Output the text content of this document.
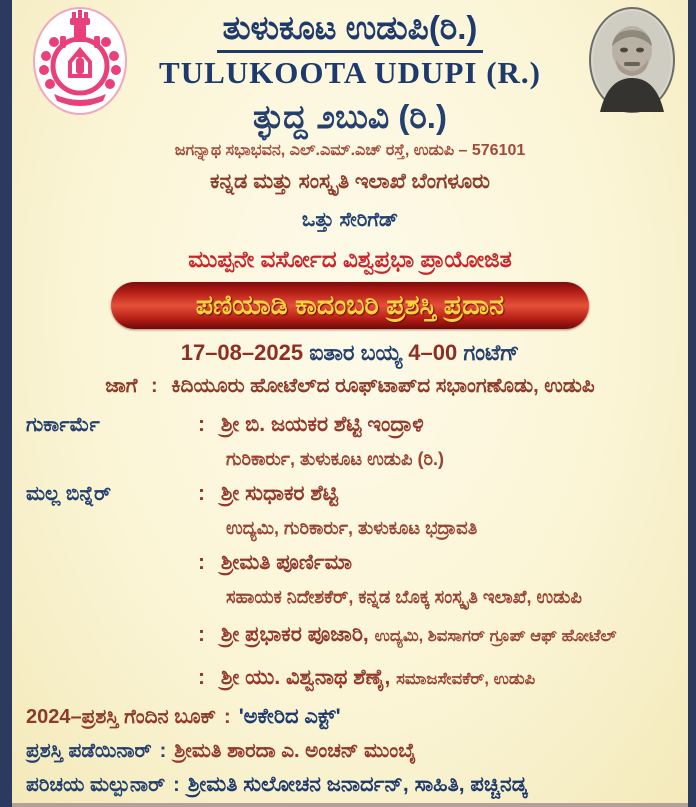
ತುಳುಕೂಟ ಉಡುಪಿ(ರಿ.)
TULUKOOTA UDUPI (R.)
ತ್ಳುದ್ದ ೨ಬುವಿ (ರಿ.)
ಜಗನ್ನಾಥ ಸಭಾಭವನ, ಎಲ್.ಎಮ್.ಎಚ್ ರಸ್ತೆ, ಉಡುಪಿ – 576101
ಕನ್ನಡ ಮತ್ತು ಸಂಸ್ಕೃತಿ ಇಲಾಖೆ ಬೆಂಗಳೂರು
ಒತ್ತು ಸೇರಿಗೆಡ್
ಮುಪ್ಪನೇ ವರ್ಸೋದ ವಿಶ್ವಪ್ರಭಾ ಪ್ರಾಯೋಜಿತ
ಪಣಿಯಾಡಿ ಕಾದಂಬರಿ ಪ್ರಶಸ್ತಿ ಪ್ರದಾನ
17–08–2025 ಐತಾರ ಬಯ್ಯ 4–00 ಗಂಟೆಗ್
ಜಾಗೆ : ಕಿದಿಯೂರು ಹೋಟೆಲ್‌ದ ರೂಫ್‌ಟಾಪ್‌ದ ಸಭಾಂಗಣೊಡು, ಉಡುಪಿ
ಗುರ್ಕಾರ್ಮೆ	: ಶ್ರೀ ಬಿ. ಜಯಕರ ಶೆಟ್ಟಿ ಇಂದ್ರಾಳಿ
ಗುರಿಕಾರ್ರು, ತುಳುಕೂಟ ಉಡುಪಿ (ರಿ.)
ಮಲ್ಲ ಬಿನ್ನೆರ್	: ಶ್ರೀ ಸುಧಾಕರ ಶೆಟ್ಟಿ
ಉದ್ಯಮಿ, ಗುರಿಕಾರ್ರು, ತುಳುಕೂಟ ಭದ್ರಾವತಿ
: ಶ್ರೀಮತಿ ಪೂರ್ಣಿಮಾ
ಸಹಾಯಕ ನಿದೇಶಕೆರ್, ಕನ್ನಡ ಬೊಕ್ಕ ಸಂಸ್ಕೃತಿ ಇಲಾಖೆ, ಉಡುಪಿ
: ಶ್ರೀ ಪ್ರಭಾಕರ ಪೂಜಾರಿ, ಉದ್ಯಮಿ, ಶಿವಸಾಗರ್ ಗ್ರೂಪ್ ಆಫ್ ಹೋಟೆಲ್
: ಶ್ರೀ ಯು. ವಿಶ್ವನಾಥ ಶೆಣೈ, ಸಮಾಜಸೇವಕೆರ್, ಉಡುಪಿ
2024–ಪ್ರಶಸ್ತಿ ಗೆಂದಿನ ಬೂಕ್ : 'ಅಕೇರಿದ ಎಕ್ಟ್'
ಪ್ರಶಸ್ತಿ ಪಡೆಯಿನಾರ್ : ಶ್ರೀಮತಿ ಶಾರದಾ ಎ. ಅಂಚನ್ ಮುಂಬೈ
ಪರಿಚಯ ಮಲ್ಪುನಾರ್ : ಶ್ರೀಮತಿ ಸುಲೋಚನ ಜನಾರ್ದನ್, ಸಾಹಿತಿ, ಪಚ್ಚಿನಡ್ಕ
